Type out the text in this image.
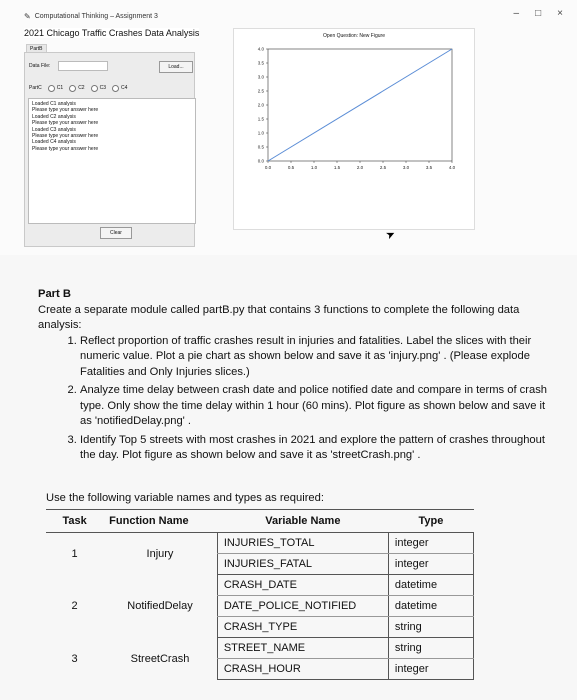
✎ Computational Thinking – Assignment 3	– □ ×
2021 Chicago Traffic Crashes Data Analysis
PartB
Data File:	Load...
PartC	C1	C2	C3	C4
Loaded C1 analysis
Please type your answer here
Loaded C2 analysis
Please type your answer here
Loaded C3 analysis
Please type your answer here
Loaded C4 analysis
Please type your answer here
Clear
Open Question: New Figure
0.0	0.5	1.0	1.5	2.0	2.5	3.0	3.5	4.0
0.0
0.5
1.0
1.5
2.0
2.5
3.0
3.5
4.0
➤
Part B
Create a separate module called partB.py that contains 3 functions to complete the following data analysis:
1. Reflect proportion of traffic crashes result in injuries and fatalities. Label the slices with their numeric value. Plot a pie chart as shown below and save it as 'injury.png' . (Please explode Fatalities and Only Injuries slices.)
2. Analyze time delay between crash date and police notified date and compare in terms of crash type. Only show the time delay within 1 hour (60 mins). Plot figure as shown below and save it as 'notifiedDelay.png' .
3. Identify Top 5 streets with most crashes in 2021 and explore the pattern of crashes throughout the day. Plot figure as shown below and save it as 'streetCrash.png' .
Use the following variable names and types as required:
Task	Function Name	Variable Name	Type
1	Injury	INJURIES_TOTAL	integer
		INJURIES_FATAL	integer
2	NotifiedDelay	CRASH_DATE	datetime
		DATE_POLICE_NOTIFIED	datetime
		CRASH_TYPE	string
3	StreetCrash	STREET_NAME	string
		CRASH_HOUR	integer
